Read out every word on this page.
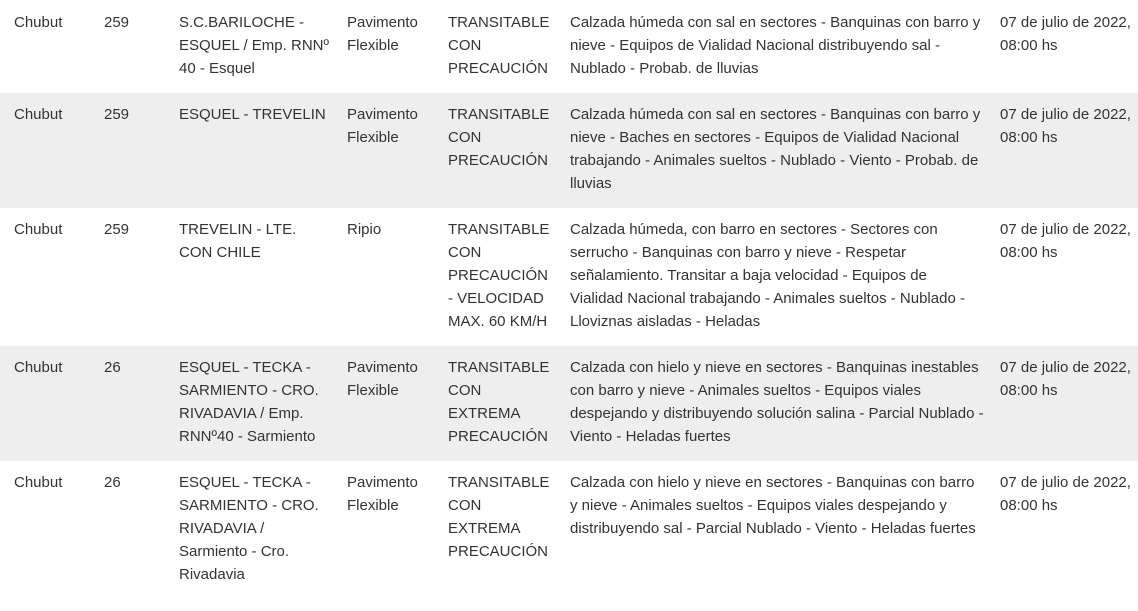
Chubut	259	S.C.BARILOCHE - ESQUEL / Emp. RNNº 40 - Esquel	Pavimento Flexible	TRANSITABLE CON PRECAUCIÓN	Calzada húmeda con sal en sectores - Banquinas con barro y nieve - Equipos de Vialidad Nacional distribuyendo sal - Nublado - Probab. de lluvias	07 de julio de 2022, 08:00 hs
Chubut	259	ESQUEL - TREVELIN	Pavimento Flexible	TRANSITABLE CON PRECAUCIÓN	Calzada húmeda con sal en sectores - Banquinas con barro y nieve - Baches en sectores - Equipos de Vialidad Nacional trabajando - Animales sueltos - Nublado - Viento - Probab. de lluvias	07 de julio de 2022, 08:00 hs
Chubut	259	TREVELIN - LTE. CON CHILE	Ripio	TRANSITABLE CON PRECAUCIÓN - VELOCIDAD MAX. 60 KM/H	Calzada húmeda, con barro en sectores - Sectores con serrucho - Banquinas con barro y nieve - Respetar señalamiento. Transitar a baja velocidad - Equipos de Vialidad Nacional trabajando - Animales sueltos - Nublado - Lloviznas aisladas - Heladas	07 de julio de 2022, 08:00 hs
Chubut	26	ESQUEL - TECKA - SARMIENTO - CRO. RIVADAVIA / Emp. RNNº40 - Sarmiento	Pavimento Flexible	TRANSITABLE CON EXTREMA PRECAUCIÓN	Calzada con hielo y nieve en sectores - Banquinas inestables con barro y nieve - Animales sueltos - Equipos viales despejando y distribuyendo solución salina - Parcial Nublado - Viento - Heladas fuertes	07 de julio de 2022, 08:00 hs
Chubut	26	ESQUEL - TECKA - SARMIENTO - CRO. RIVADAVIA / Sarmiento - Cro. Rivadavia	Pavimento Flexible	TRANSITABLE CON EXTREMA PRECAUCIÓN	Calzada con hielo y nieve en sectores - Banquinas con barro y nieve - Animales sueltos - Equipos viales despejando y distribuyendo sal - Parcial Nublado - Viento - Heladas fuertes	07 de julio de 2022, 08:00 hs
